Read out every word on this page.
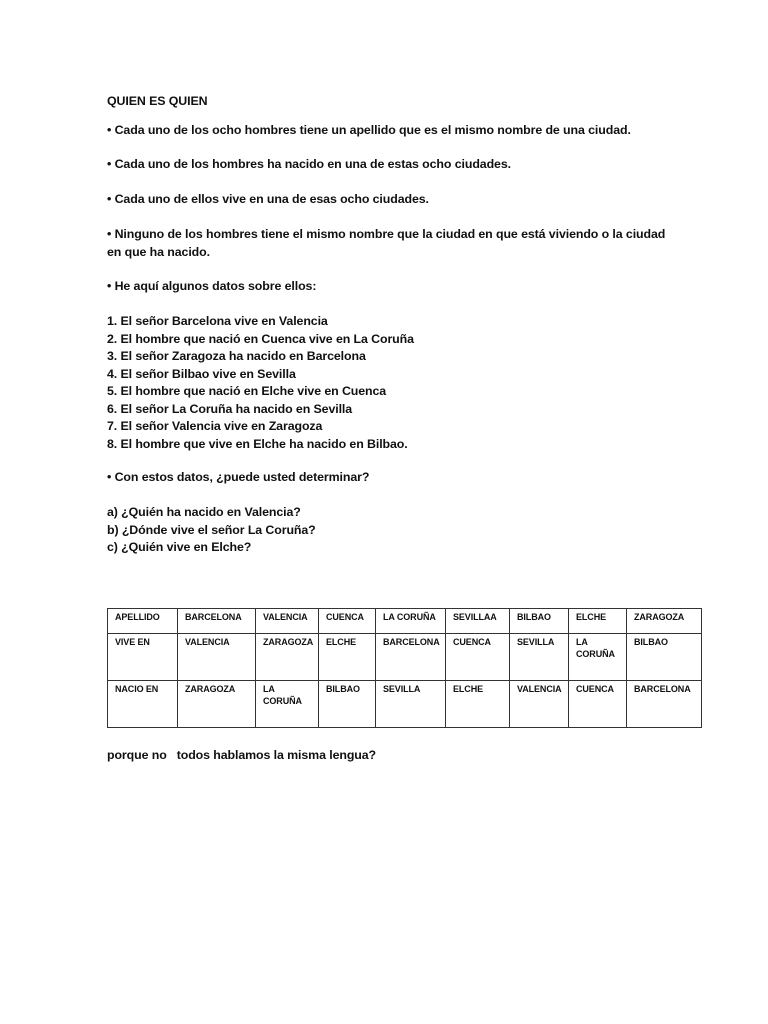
QUIEN ES QUIEN
• Cada uno de los ocho hombres tiene un apellido que es el mismo nombre de una ciudad.
• Cada uno de los hombres ha nacido en una de estas ocho ciudades.
• Cada uno de ellos vive en una de esas ocho ciudades.
• Ninguno de los hombres tiene el mismo nombre que la ciudad en que está viviendo o la ciudad en que ha nacido.
• He aquí algunos datos sobre ellos:
1. El señor Barcelona vive en Valencia
2. El hombre que nació en Cuenca vive en La Coruña
3. El señor Zaragoza ha nacido en Barcelona
4. El señor Bilbao vive en Sevilla
5. El hombre que nació en Elche vive en Cuenca
6. El señor La Coruña ha nacido en Sevilla
7. El señor Valencia vive en Zaragoza
8. El hombre que vive en Elche ha nacido en Bilbao.
• Con estos datos, ¿puede usted determinar?
a) ¿Quién ha nacido en Valencia?
b) ¿Dónde vive el señor La Coruña?
c) ¿Quién vive en Elche?
APELLIDO	BARCELONA	VALENCIA	CUENCA	LA CORUÑA	SEVILLAA	BILBAO	ELCHE	ZARAGOZA
VIVE EN	VALENCIA	ZARAGOZA	ELCHE	BARCELONA	CUENCA	SEVILLA	LA CORUÑA	BILBAO
NACIO EN	ZARAGOZA	LA CORUÑA	BILBAO	SEVILLA	ELCHE	VALENCIA	CUENCA	BARCELONA
porque no   todos hablamos la misma lengua?
